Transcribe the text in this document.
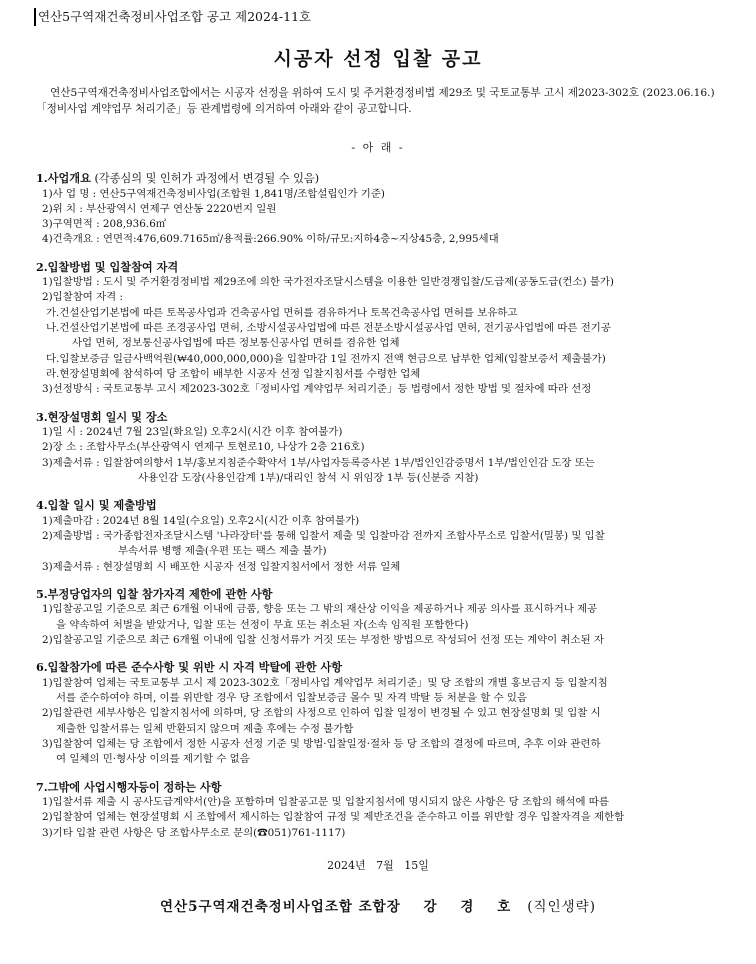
연산5구역재건축정비사업조합 공고 제2024-11호
시공자 선정 입찰 공고

연산5구역재건축정비사업조합에서는 시공자 선정을 위하여 도시 및 주거환경정비법 제29조 및 국토교통부 고시 제2023-302호 (2023.06.16.)「정비사업 계약업무 처리기준」등 관계법령에 의거하여 아래와 같이 공고합니다.

- 아 래 -
1.사업개요 (각종심의 및 인허가 과정에서 변경될 수 있음)
1)사 업 명 : 연산5구역재건축정비사업(조합원 1,841명/조합설립인가 기준)
2)위 치 : 부산광역시 연제구 연산동 2220번지 일원
3)구역면적 : 208,936.6㎡
4)건축개요 : 연면적:476,609.7165㎡/용적률:266.90% 이하/규모:지하4층~지상45층, 2,995세대
2.입찰방법 및 입찰참여 자격
1)입찰방법 : 도시 및 주거환경정비법 제29조에 의한 국가전자조달시스템을 이용한 일반경쟁입찰/도급제(공동도급(컨소) 불가)
2)입찰참여 자격 :
가.건설산업기본법에 따른 토목공사업과 건축공사업 면허를 겸유하거나 토목건축공사업 면허를 보유하고
나.건설산업기본법에 따른 조경공사업 면허, 소방시설공사업법에 따른 전문소방시설공사업 면허, 전기공사업법에 따른 전기공
사업 면허, 정보통신공사업법에 따른 정보통신공사업 면허를 겸유한 업체
다.입찰보증금 일금사백억원(₩40,000,000,000)을 입찰마감 1일 전까지 전액 현금으로 납부한 업체(입찰보증서 제출불가)
라.현장설명회에 참석하여 당 조합이 배부한 시공자 선정 입찰지침서를 수령한 업체
3)선정방식 : 국토교통부 고시 제2023-302호「정비사업 계약업무 처리기준」등 법령에서 정한 방법 및 절차에 따라 선정
3.현장설명회 일시 및 장소
1)일 시 : 2024년 7월 23일(화요일) 오후2시(시간 이후 참여불가)
2)장 소 : 조합사무소(부산광역시 연제구 토현로10, 나상가 2층 216호)
3)제출서류 : 입찰참여의향서 1부/홍보지침준수확약서 1부/사업자등록증사본 1부/법인인감증명서 1부/법인인감 도장 또는
사용인감 도장(사용인감계 1부)/대리인 참석 시 위임장 1부 등(신분증 지참)
4.입찰 일시 및 제출방법
1)제출마감 : 2024년 8월 14일(수요일) 오후2시(시간 이후 참여불가)
2)제출방법 : 국가종합전자조달시스템 '나라장터'를 통해 입찰서 제출 및 입찰마감 전까지 조합사무소로 입찰서(밀봉) 및 입찰
부속서류 병행 제출(우편 또는 팩스 제출 불가)
3)제출서류 : 현장설명회 시 배포한 시공자 선정 입찰지침서에서 정한 서류 일체
5.부정당업자의 입찰 참가자격 제한에 관한 사항
1)입찰공고일 기준으로 최근 6개월 이내에 금품, 향응 또는 그 밖의 재산상 이익을 제공하거나 제공 의사를 표시하거나 제공
을 약속하여 처벌을 받았거나, 입찰 또는 선정이 무효 또는 취소된 자(소속 임직원 포함한다)
2)입찰공고일 기준으로 최근 6개월 이내에 입찰 신청서류가 거짓 또는 부정한 방법으로 작성되어 선정 또는 계약이 취소된 자
6.입찰참가에 따른 준수사항 및 위반 시 자격 박탈에 관한 사항
1)입찰참여 업체는 국토교통부 고시 제 2023-302호「정비사업 계약업무 처리기준」및 당 조합의 개별 홍보금지 등 입찰지침
서를 준수하여야 하며, 이를 위반할 경우 당 조합에서 입찰보증금 몰수 및 자격 박탈 등 처분을 할 수 있음
2)입찰관련 세부사항은 입찰지침서에 의하며, 당 조합의 사정으로 인하여 입찰 일정이 변경될 수 있고 현장설명회 및 입찰 시
제출한 입찰서류는 일체 반환되지 않으며 제출 후에는 수정 불가함
3)입찰참여 업체는 당 조합에서 정한 시공자 선정 기준 및 방법·입찰일정·절차 등 당 조합의 결정에 따르며, 추후 이와 관련하
여 일체의 민·형사상 이의를 제기할 수 없음
7.그밖에 사업시행자등이 정하는 사항
1)입찰서류 제출 시 공사도급계약서(안)을 포함하며 입찰공고문 및 입찰지침서에 명시되지 않은 사항은 당 조합의 해석에 따름
2)입찰참여 업체는 현장설명회 시 조합에서 제시하는 입찰참여 규정 및 제반조건을 준수하고 이를 위반할 경우 입찰자격을 제한함
3)기타 입찰 관련 사항은 당 조합사무소로 문의(☎051)761-1117)
2024년   7월   15일
연산5구역재건축정비사업조합 조합장    강    경    호 (직인생략)
